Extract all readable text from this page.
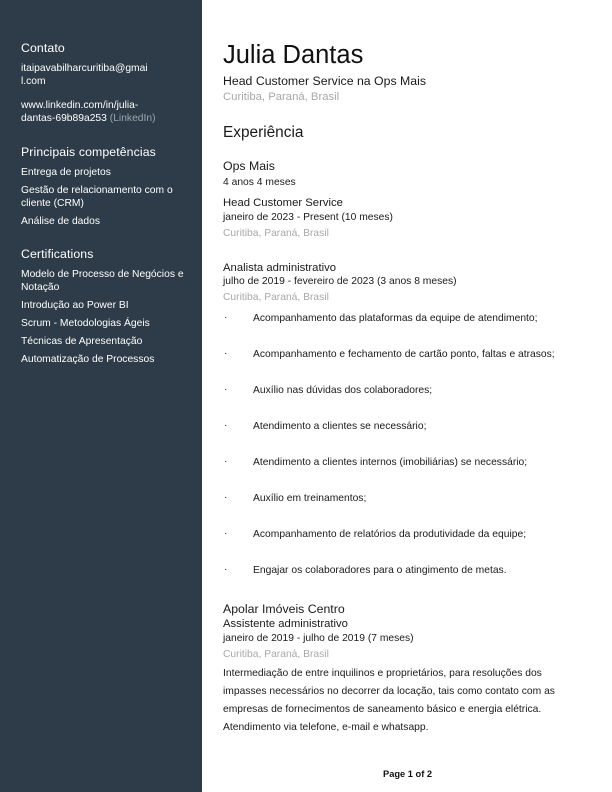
Contato
itaipavabilharcuritiba@gmai
l.com
www.linkedin.com/in/julia-
dantas-69b89a253 (LinkedIn)
Principais competências
Entrega de projetos
Gestão de relacionamento com o cliente (CRM)
Análise de dados
Certifications
Modelo de Processo de Negócios e Notação
Introdução ao Power BI
Scrum - Metodologias Ágeis
Técnicas de Apresentação
Automatização de Processos
Julia Dantas
Head Customer Service na Ops Mais
Curitiba, Paraná, Brasil
Experiência
Ops Mais
4 anos 4 meses
Head Customer Service
janeiro de 2023 - Present (10 meses)
Curitiba, Paraná, Brasil
Analista administrativo
julho de 2019 - fevereiro de 2023 (3 anos 8 meses)
Curitiba, Paraná, Brasil
· Acompanhamento das plataformas da equipe de atendimento;
· Acompanhamento e fechamento de cartão ponto, faltas e atrasos;
· Auxílio nas dúvidas dos colaboradores;
· Atendimento a clientes se necessário;
· Atendimento a clientes internos (imobiliárias) se necessário;
· Auxílio em treinamentos;
· Acompanhamento de relatórios da produtividade da equipe;
· Engajar os colaboradores para o atingimento de metas.
Apolar Imóveis Centro
Assistente administrativo
janeiro de 2019 - julho de 2019 (7 meses)
Curitiba, Paraná, Brasil
Intermediação de entre inquilinos e proprietários, para resoluções dos impasses necessários no decorrer da locação, tais como contato com as empresas de fornecimentos de saneamento básico e energia elétrica. Atendimento via telefone, e-mail e whatsapp.
Page 1 of 2
